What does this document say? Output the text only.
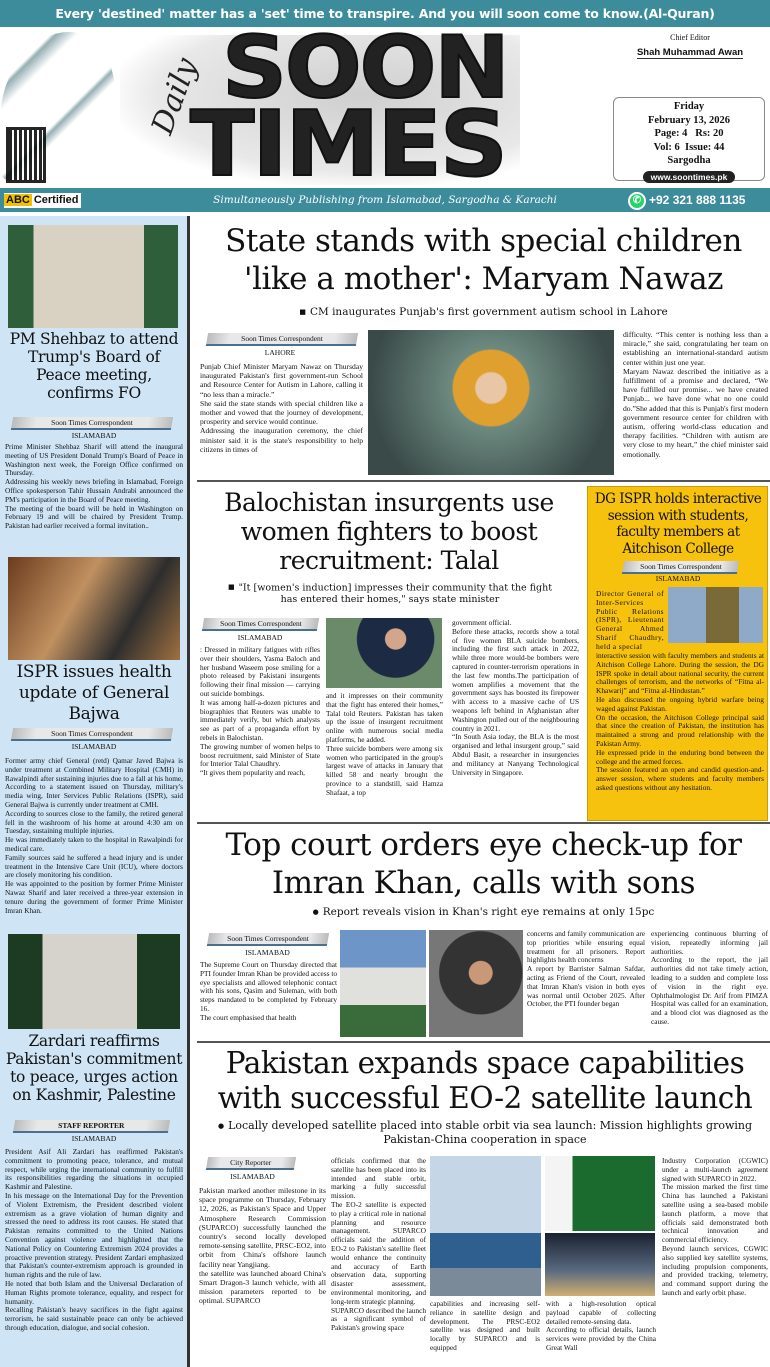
Every 'destined' matter has a 'set' time to transpire. And you will soon come to know.(Al-Quran)
Daily SOON
TIMES
Chief Editor
Shah Muhammad Awan
Friday
February 13, 2026
Page: 4   Rs: 20
Vol: 6  Issue: 44
Sargodha
www.soontimes.pk
Simultaneously Publishing from Islamabad, Sargodha & Karachi
ABC Certified	✆ +92 321 888 1135
PM Shehbaz to attend Trump's Board of Peace meeting, confirms FO
Soon Times Correspondent
ISLAMABAD

Prime Minister Shehbaz Sharif will attend the inaugural meeting of US President Donald Trump's Board of Peace in Washington next week, the Foreign Office confirmed on Thursday.

Addressing his weekly news briefing in Islamabad, Foreign Office spokesperson Tahir Hussain Andrabi announced the PM's participation in the Board of Peace meeting.

The meeting of the board will be held in Washington on February 19 and will be chaired by President Trump. Pakistan had earlier received a formal invitation..

ISPR issues health update of General Bajwa
Soon Times Correspondent
ISLAMABAD

Former army chief General (retd) Qamar Javed Bajwa is under treatment at Combined Military Hospital (CMH) in Rawalpindi after sustaining injuries due to a fall at his home, According to a statement issued on Thursday, military's media wing, Inter Services Public Relations (ISPR), said General Bajwa is currently under treatment at CMH.

According to sources close to the family, the retired general fell in the washroom of his home at around 4:30 am on Tuesday, sustaining multiple injuries.

He was immediately taken to the hospital in Rawalpindi for medical care.

Family sources said he suffered a head injury and is under treatment in the Intensive Care Unit (ICU), where doctors are closely monitoring his condition.

He was appointed to the position by former Prime Minister Nawaz Sharif and later received a three-year extension in tenure during the government of former Prime Minister Imran Khan.

Zardari reaffirms Pakistan's commitment to peace, urges action on Kashmir, Palestine
STAFF REPORTER
ISLAMABAD

President Asif Ali Zardari has reaffirmed Pakistan's commitment to promoting peace, tolerance, and mutual respect, while urging the international community to fulfill its responsibilities regarding the situations in occupied Kashmir and Palestine.

In his message on the International Day for the Prevention of Violent Extremism, the President described violent extremism as a grave violation of human dignity and stressed the need to address its root causes. He stated that Pakistan remains committed to the United Nations Convention against violence and highlighted that the National Policy on Countering Extremism 2024 provides a proactive prevention strategy. President Zardari emphasized that Pakistan's counter-extremism approach is grounded in human rights and the rule of law.

He noted that both Islam and the Universal Declaration of Human Rights promote tolerance, equality, and respect for humanity.

Recalling Pakistan's heavy sacrifices in the fight against terrorism, he said sustainable peace can only be achieved through education, dialogue, and social cohesion.

State stands with special children 'like a mother': Maryam Nawaz
■ CM inaugurates Punjab's first government autism school in Lahore
Soon Times Correspondent
LAHORE

Punjab Chief Minister Maryam Nawaz on Thursday inaugurated Pakistan's first government-run School and Resource Center for Autism in Lahore, calling it “no less than a miracle.”

She said the state stands with special children like a mother and vowed that the journey of development, prosperity and service would continue.

Addressing the inauguration ceremony, the chief minister said it is the state's responsibility to help citizens in times of

difficulty. “This center is nothing less than a miracle,” she said, congratulating her team on establishing an international-standard autism center within just one year.

Maryam Nawaz described the initiative as a fulfillment of a promise and declared, “We have fulfilled our promise... we have created Punjab... we have done what no one could do.”She added that this is Punjab's first modern government resource center for children with autism, offering world-class education and therapy facilities. “Children with autism are very close to my heart,” the chief minister said emotionally.

Balochistan insurgents use women fighters to boost recruitment: Talal
■ "It [women's induction] impresses their community that the fight has entered their homes," says state minister
Soon Times Correspondent
ISLAMABAD

: Dressed in military fatigues with rifles over their shoulders, Yasma Baloch and her husband Waseem pose smiling for a photo released by Pakistani insurgents following their final mission — carrying out suicide bombings.

It was among half-a-dozen pictures and biographies that Reuters was unable to immediately verify, but which analysts see as part of a propaganda effort by rebels in Balochistan.

The growing number of women helps to boost recruitment, said Minister of State for Interior Talal Chaudhry.

“It gives them popularity and reach,

and it impresses on their community that the fight has entered their homes,” Talal told Reuters. Pakistan has taken up the issue of insurgent recruitment online with numerous social media platforms, he added.

Three suicide bombers were among six women who participated in the group's largest wave of attacks in January that killed 58 and nearly brought the province to a standstill, said Hamza Shafaat, a top

government official.

Before these attacks, records show a total of five women BLA suicide bombers, including the first such attack in 2022, while three more would-be bombers were captured in counter-terrorism operations in the last few months.The participation of women amplifies a movement that the government says has boosted its firepower with access to a massive cache of US weapons left behind in Afghanistan after Washington pulled out of the neighbouring country in 2021.

“In South Asia today, the BLA is the most organised and lethal insurgent group,” said Abdul Basit, a researcher in insurgencies and militancy at Nanyang Technological University in Singapore.

DG ISPR holds interactive session with students, faculty members at Aitchison College
Soon Times Correspondent
ISLAMABAD
Director General of Inter-Services Public Relations (ISPR), Lieutenant General Ahmed Sharif Chaudhry, held a special

interactive session with faculty members and students at Aitchison College Lahore. During the session, the DG ISPR spoke in detail about national security, the current challenges of terrorism, and the networks of “Fitna al-Khawarij” and “Fitna al-Hindustan.”

He also discussed the ongoing hybrid warfare being waged against Pakistan.

On the occasion, the Aitchison College principal said that since the creation of Pakistan, the institution has maintained a strong and proud relationship with the Pakistan Army.

He expressed pride in the enduring bond between the college and the armed forces.

The session featured an open and candid question-and-answer session, where students and faculty members asked questions without any hesitation.

Top court orders eye check-up for Imran Khan, calls with sons
● Report reveals vision in Khan's right eye remains at only 15pc
Soon Times Correspondent
ISLAMABAD

The Supreme Court on Thursday directed that PTI founder Imran Khan be provided access to eye specialists and allowed telephonic contact with his sons, Qasim and Suleman, with both steps mandated to be completed by February 16.

The court emphasised that health

concerns and family communication are top priorities while ensuring equal treatment for all prisoners. Report highlights health concerns

A report by Barrister Salman Safdar, acting as Friend of the Court, revealed that Imran Khan's vision in both eyes was normal until October 2025. After October, the PTI founder began

experiencing continuous blurring of vision, repeatedly informing jail authorities.

According to the report, the jail authorities did not take timely action, leading to a sudden and complete loss of vision in the right eye. Ophthalmologist Dr. Arif from PIMZA Hospital was called for an examination, and a blood clot was diagnosed as the cause.

Pakistan expands space capabilities with successful EO-2 satellite launch
● Locally developed satellite placed into stable orbit via sea launch: Mission highlights growing Pakistan-China cooperation in space
City Reporter
ISLAMABAD

Pakistan marked another milestone in its space programme on Thursday, February 12, 2026, as Pakistan's Space and Upper Atmosphere Research Commission (SUPARCO) successfully launched the country's second locally developed remote-sensing satellite, PRSC-EO2, into orbit from China's offshore launch facility near Yangjiang.

the satellite was launched aboard China's Smart Dragon-3 launch vehicle, with all mission parameters reported to be optimal. SUPARCO

officials confirmed that the satellite has been placed into its intended and stable orbit, marking a fully successful mission.

The EO-2 satellite is expected to play a critical role in national planning and resource management. SUPARCO officials said the addition of EO-2 to Pakistan's satellite fleet would enhance the continuity and accuracy of Earth observation data, supporting disaster assessment, environmental monitoring, and long-term strategic planning.

SUPARCO described the launch as a significant symbol of Pakistan's growing space

capabilities and increasing self-reliance in satellite design and development. The PRSC-EO2 satellite was designed and built locally by SUPARCO and is equipped

with a high-resolution optical payload capable of collecting detailed remote-sensing data.

According to official details, launch services were provided by the China Great Wall

Industry Corporation (CGWIC) under a multi-launch agreement signed with SUPARCO in 2022.

The mission marked the first time China has launched a Pakistani satellite using a sea-based mobile launch platform, a move that officials said demonstrated both technical innovation and commercial efficiency.

Beyond launch services, CGWIC also supplied key satellite systems, including propulsion components, and provided tracking, telemetry, and command support during the launch and early orbit phase.
